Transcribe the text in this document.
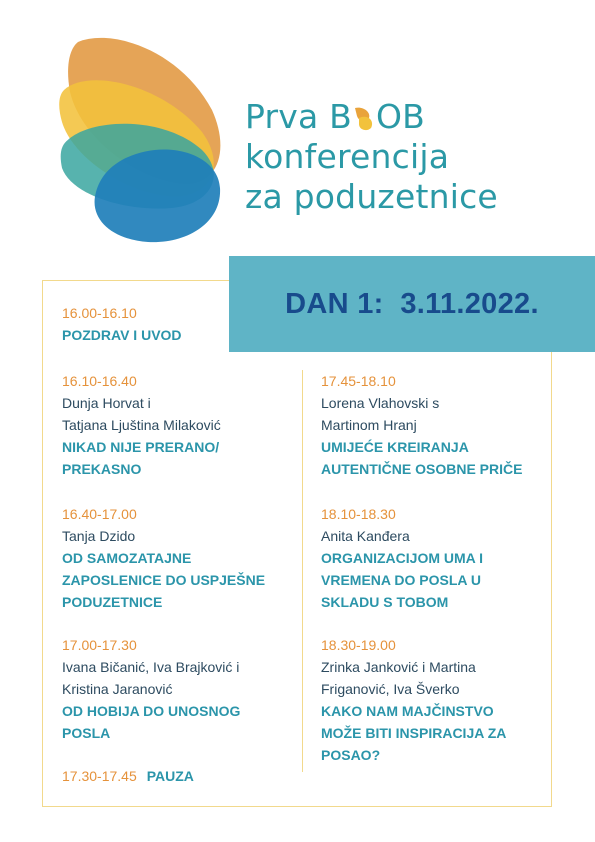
Prva B OB
konferencija
za poduzetnice
DAN 1:  3.11.2022.
16.00-16.10
POZDRAV I UVOD
16.10-16.40
Dunja Horvat i
Tatjana Ljuština Milaković
NIKAD NIJE PRERANO/
PREKASNO
16.40-17.00
Tanja Dzido
OD SAMOZATAJNE
ZAPOSLENICE DO USPJEŠNE
PODUZETNICE
17.00-17.30
Ivana Bičanić, Iva Brajković i
Kristina Jaranović
OD HOBIJA DO UNOSNOG
POSLA
17.30-17.45 PAUZA
17.45-18.10
Lorena Vlahovski s
Martinom Hranj
UMIJEĆE KREIRANJA
AUTENTIČNE OSOBNE PRIČE
18.10-18.30
Anita Kanđera
ORGANIZACIJOM UMA I
VREMENA DO POSLA U
SKLADU S TOBOM
18.30-19.00
Zrinka Janković i Martina
Friganović, Iva Šverko
KAKO NAM MAJČINSTVO
MOŽE BITI INSPIRACIJA ZA
POSAO?
